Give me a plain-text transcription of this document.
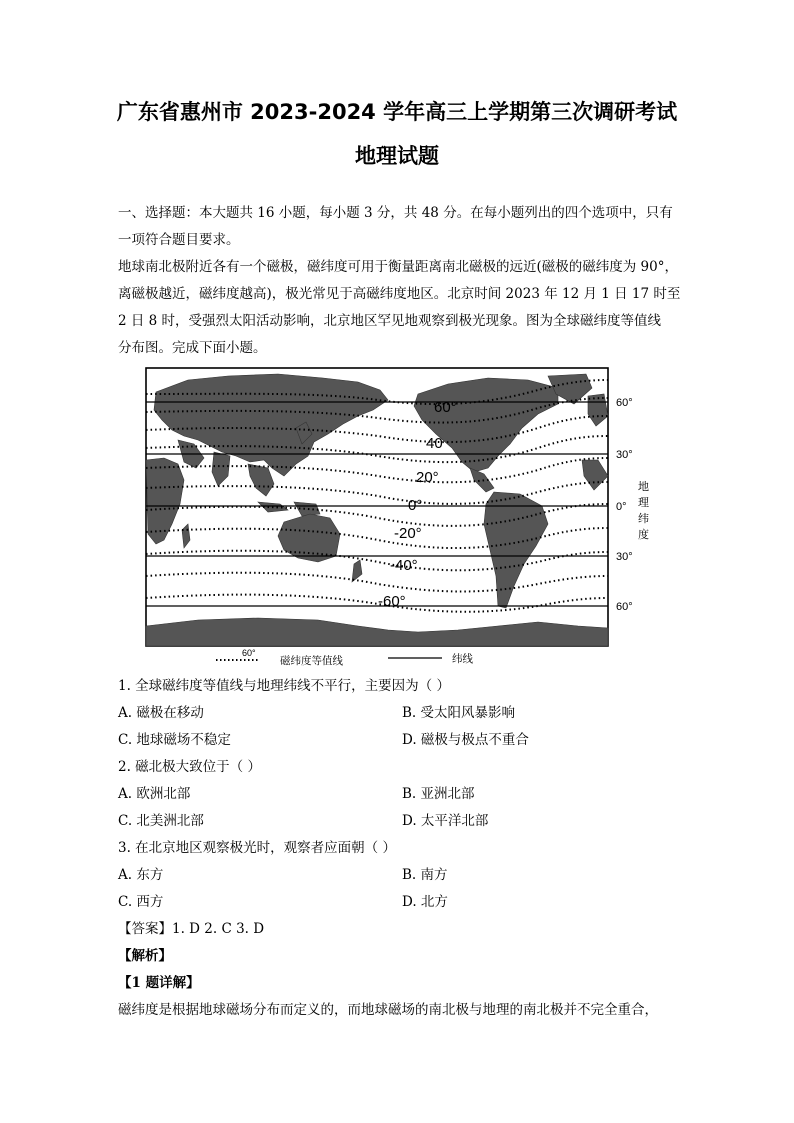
广东省惠州市 2023-2024 学年高三上学期第三次调研考试
地理试题
一、选择题：本大题共 16 小题，每小题 3 分，共 48 分。在每小题列出的四个选项中，只有
一项符合题目要求。
地球南北极附近各有一个磁极，磁纬度可用于衡量距离南北磁极的远近(磁极的磁纬度为 90°，
离磁极越近，磁纬度越高)，极光常见于高磁纬度地区。北京时间 2023 年 12 月 1 日 17 时至
2 日 8 时，受强烈太阳活动影响，北京地区罕见地观察到极光现象。图为全球磁纬度等值线
分布图。完成下面小题。
60°
40
20°
0°
-20°
-40°
-60°
60°
30°
0°
30°
60°
地
理
纬
度
60°
磁纬度等值线	纬线
1. 全球磁纬度等值线与地理纬线不平行，主要因为（ ）
A. 磁极在移动	B. 受太阳风暴影响
C. 地球磁场不稳定	D. 磁极与极点不重合
2. 磁北极大致位于（ ）
A. 欧洲北部	B. 亚洲北部
C. 北美洲北部	D. 太平洋北部
3. 在北京地区观察极光时，观察者应面朝（ ）
A. 东方	B. 南方
C. 西方	D. 北方
【答案】1. D 2. C 3. D
【解析】
【1 题详解】
磁纬度是根据地球磁场分布而定义的，而地球磁场的南北极与地理的南北极并不完全重合，
